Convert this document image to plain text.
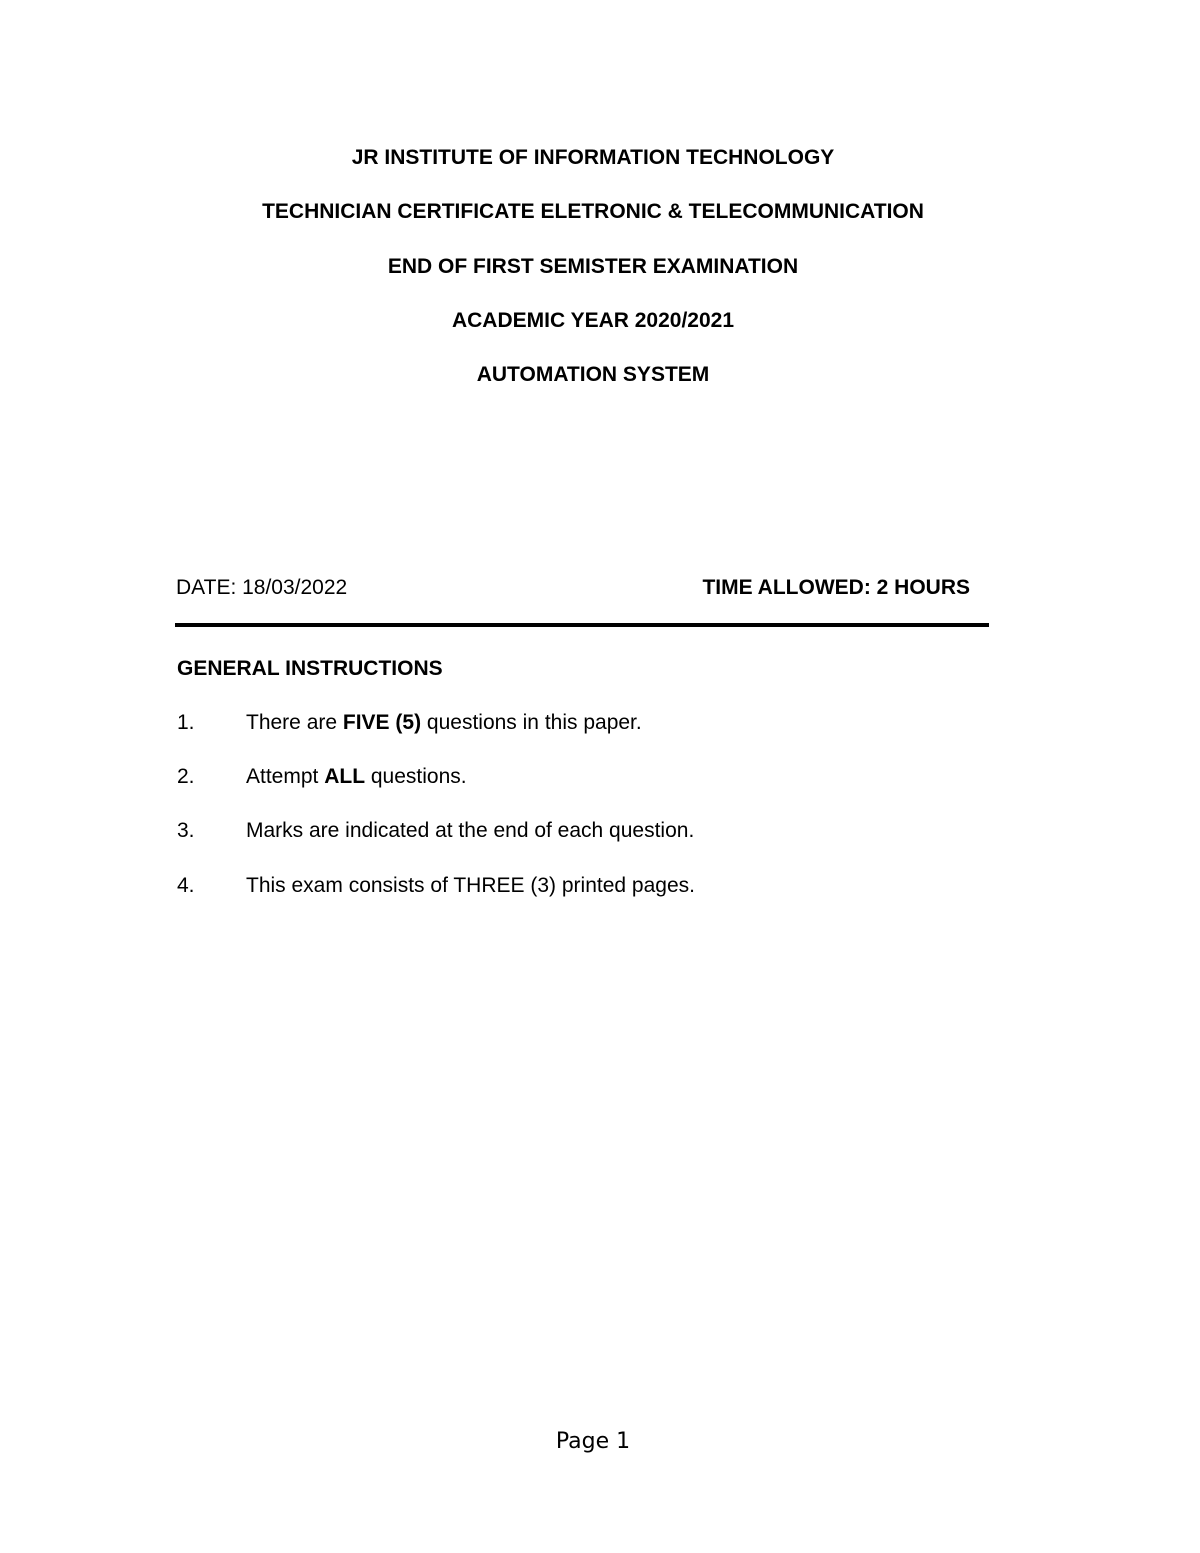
JR INSTITUTE OF INFORMATION TECHNOLOGY
TECHNICIAN CERTIFICATE ELETRONIC & TELECOMMUNICATION
END OF FIRST SEMISTER EXAMINATION
ACADEMIC YEAR 2020/2021
AUTOMATION SYSTEM
DATE: 18/03/2022	TIME ALLOWED: 2 HOURS
GENERAL INSTRUCTIONS
1. There are FIVE (5) questions in this paper.
2. Attempt ALL questions.
3. Marks are indicated at the end of each question.
4. This exam consists of THREE (3) printed pages.
Page 1
